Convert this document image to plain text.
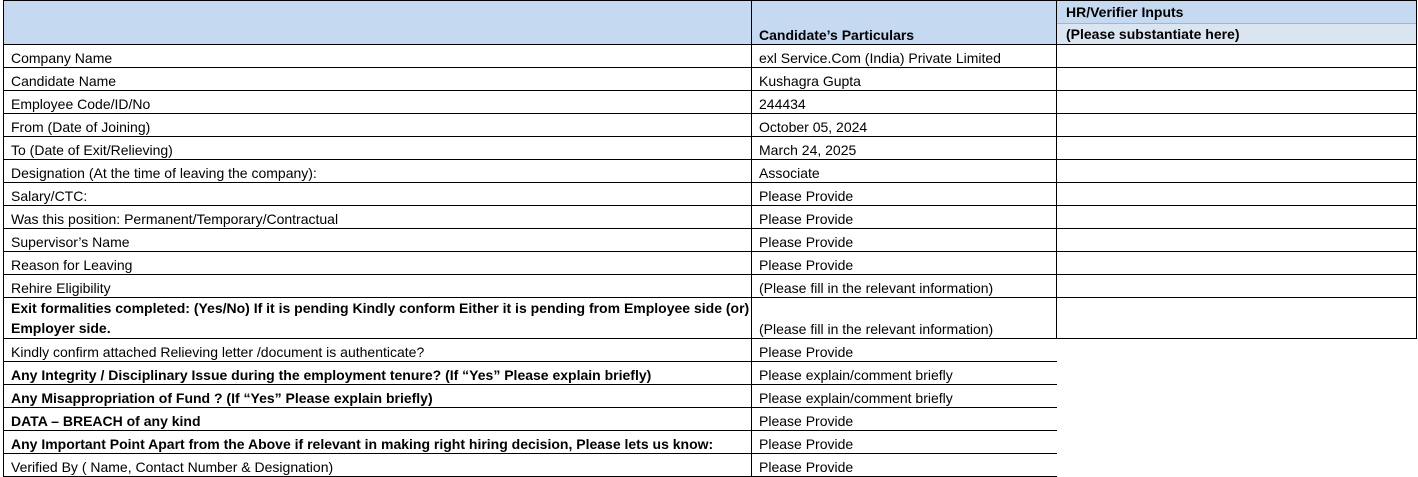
	Candidate’s Particulars	HR/Verifier Inputs
(Please substantiate here)

Company Name	exl Service.Com (India) Private Limited	
Candidate Name	Kushagra Gupta	
Employee Code/ID/No	244434	
From (Date of Joining)	October 05, 2024	
To (Date of Exit/Relieving)	March 24, 2025	
Designation (At the time of leaving the company):	Associate	
Salary/CTC:	Please Provide	
Was this position: Permanent/Temporary/Contractual	Please Provide	
Supervisor’s Name	Please Provide	
Reason for Leaving	Please Provide	
Rehire Eligibility	(Please fill in the relevant information)	
Exit formalities completed: (Yes/No) If it is pending Kindly conform Either it is pending from Employee side (or) Employer side.	(Please fill in the relevant information)	
Kindly confirm attached Relieving letter /document is authenticate?	Please Provide	
Any Integrity / Disciplinary Issue during the employment tenure? (If “Yes” Please explain briefly)	Please explain/comment briefly	
Any Misappropriation of Fund ? (If “Yes” Please explain briefly)	Please explain/comment briefly	
DATA – BREACH of any kind	Please Provide	
Any Important Point Apart from the Above if relevant in making right hiring decision, Please lets us know:	Please Provide	
Verified By ( Name, Contact Number & Designation)	Please Provide	
